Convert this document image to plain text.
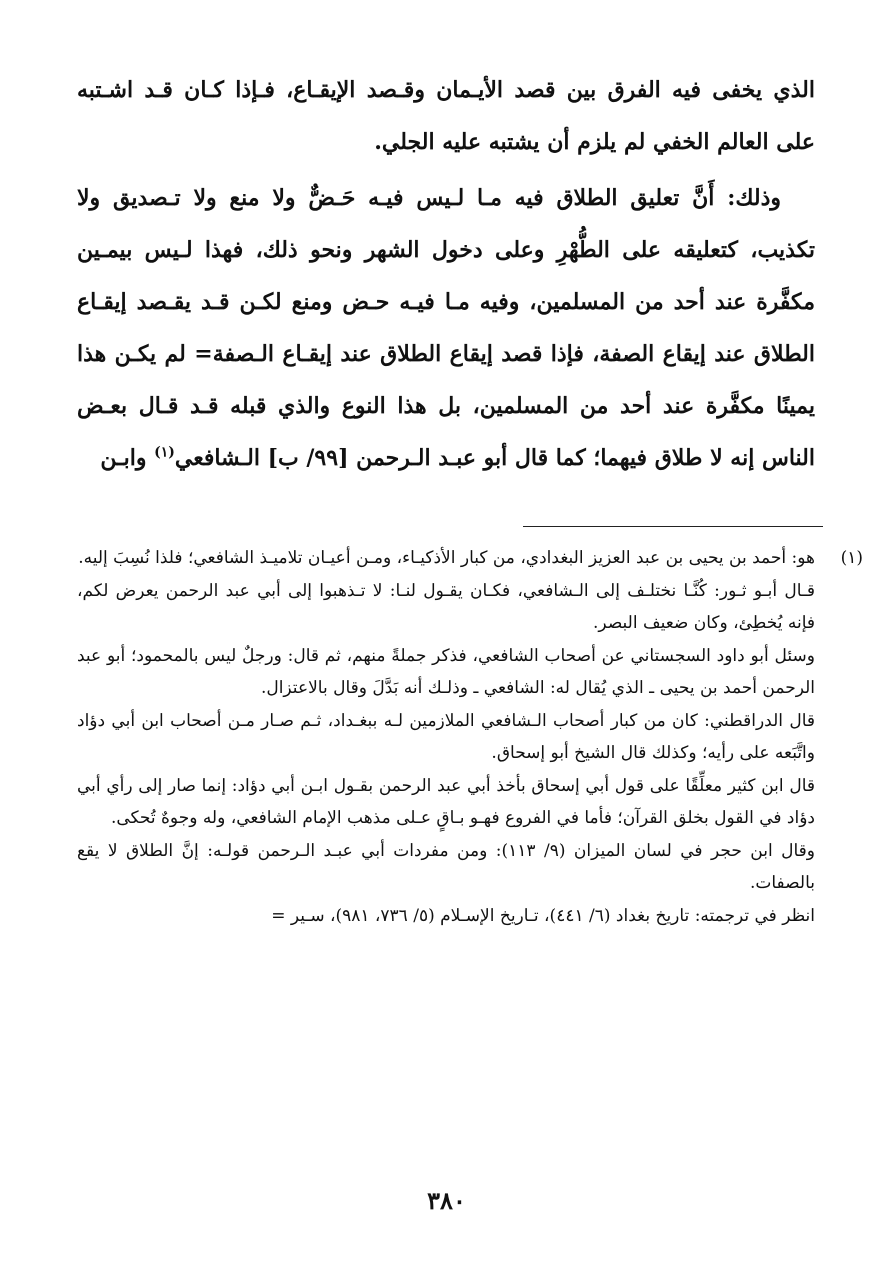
الذي يخفى فيه الفرق بين قصد الأيـمان وقـصد الإيقـاع، فـإذا كـان قـد اشـتبه على العالم الخفي لم يلزم أن يشتبه عليه الجلي.

وذلك: أَنَّ تعليق الطلاق فيه مـا لـيس فيـه حَـضٌّ ولا منع ولا تـصديق ولا تكذيب، كتعليقه على الطُّهْرِ وعلى دخول الشهر ونحو ذلك، فهذا لـيس بيمـين مكفَّرة عند أحد من المسلمين، وفيه مـا فيـه حـض ومنع لكـن قـد يقـصد إيقـاع الطلاق عند إيقاع الصفة، فإذا قصد إيقاع الطلاق عند إيقـاع الـصفة= لم يكـن هذا يمينًا مكفَّرة عند أحد من المسلمين، بل هذا النوع والذي قبله قـد قـال بعـض الناس إنه لا طلاق فيهما؛ كما قال أبو عبـد الـرحمن [٩٩/ ب] الـشافعي$^{(١)}$ وابـن

(١)
هو: أحمد بن يحيى بن عبد العزيز البغدادي، من كبار الأذكيـاء، ومـن أعيـان تلاميـذ الشافعي؛ فلذا نُسِبَ إليه.

قـال أبـو ثـور: كُنَّـا نختلـف إلى الـشافعي، فكـان يقـول لنـا: لا تـذهبوا إلى أبي عبد الرحمن يعرض لكم، فإنه يُخطِئ، وكان ضعيف البصر.

وسئل أبو داود السجستاني عن أصحاب الشافعي، فذكر جملةً منهم، ثم قال: ورجلٌ ليس بالمحمود؛ أبو عبد الرحمن أحمد بن يحيى ـ الذي يُقال له: الشافعي ـ وذلـك أنه بَدَّلَ وقال بالاعتزال.

قال الدراقطني: كان من كبار أصحاب الـشافعي الملازمين لـه ببغـداد، ثـم صـار مـن أصحاب ابن أبي دؤاد واتَّبَعه على رأيه؛ وكذلك قال الشيخ أبو إسحاق.

قال ابن كثير معلِّقًا على قول أبي إسحاق بأخذ أبي عبد الرحمن بقـول ابـن أبي دؤاد: إنما صار إلى رأي أبي دؤاد في القول بخلق القرآن؛ فأما في الفروع فهـو بـاقٍ عـلى مذهب الإمام الشافعي، وله وجوهٌ تُحكى.

وقال ابن حجر في لسان الميزان (٩/ ١١٣): ومن مفردات أبي عبـد الـرحمن قولـه: إنَّ الطلاق لا يقع بالصفات.

انظر في ترجمته: تاريخ بغداد (٦/ ٤٤١)، تـاريخ الإسـلام (٥/ ٧٣٦، ٩٨١)، سـير =

٣٨٠
